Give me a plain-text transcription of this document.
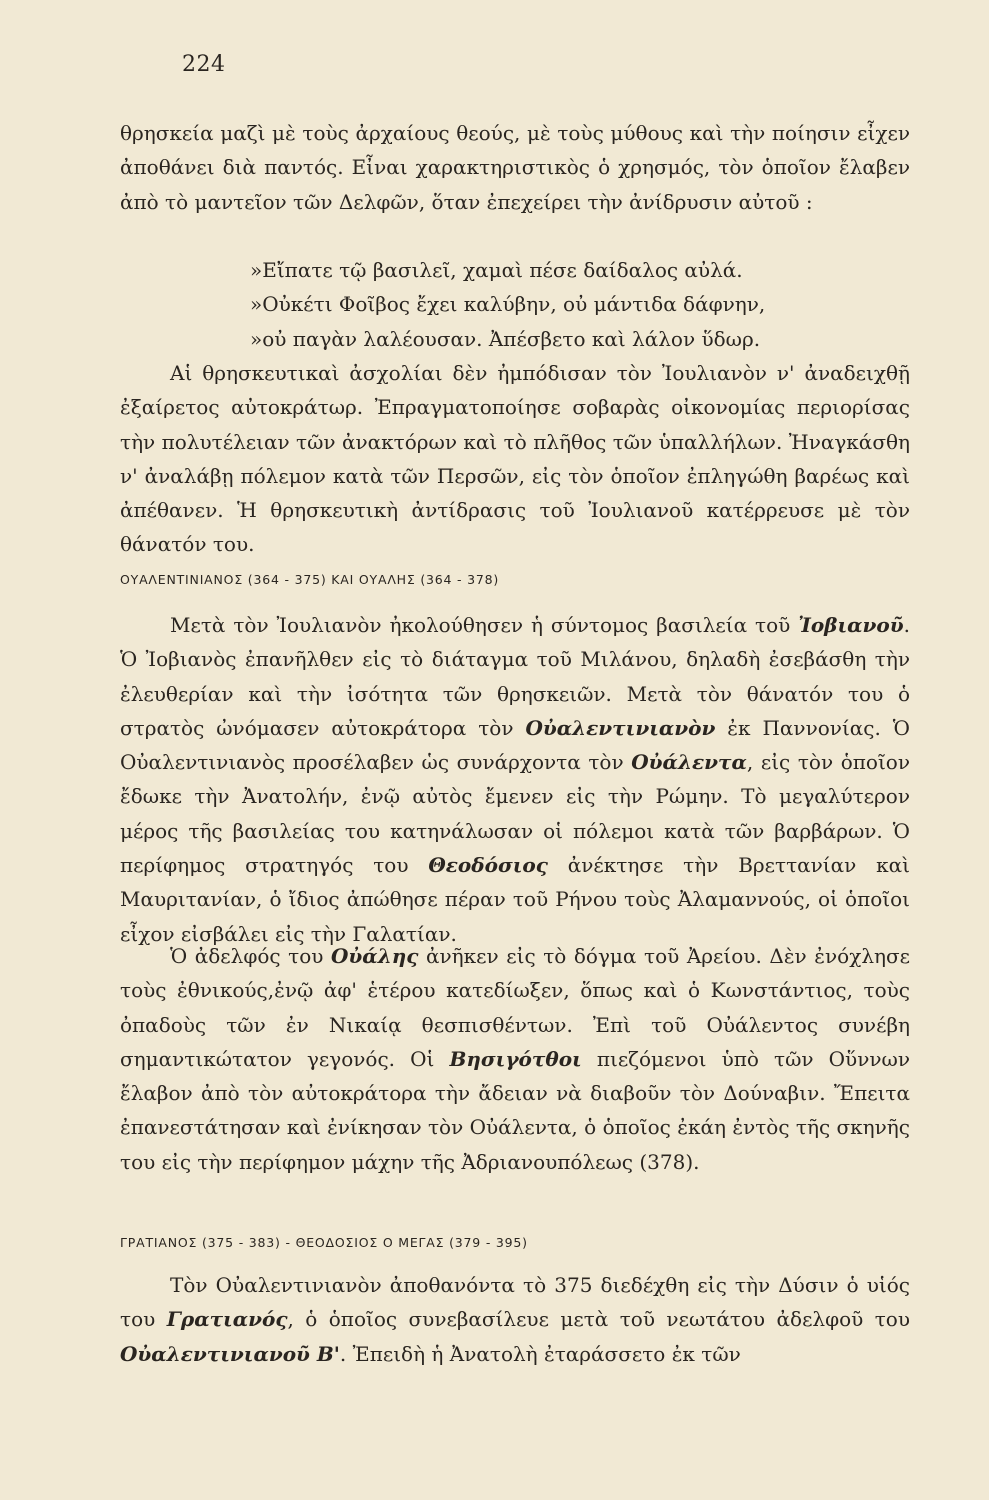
224

θρησκεία μαζὶ μὲ τοὺς ἀρχαίους θεούς, μὲ τοὺς μύθους καὶ τὴν ποίησιν εἶχεν ἀποθάνει διὰ παντός. Εἶναι χαρακτηριστικὸς ὁ χρησμός, τὸν ὁποῖον ἔλαβεν ἀπὸ τὸ μαντεῖον τῶν Δελφῶν, ὅταν ἐπεχείρει τὴν ἀνίδρυσιν αὐτοῦ :

»Εἴπατε τῷ βασιλεῖ, χαμαὶ πέσε δαίδαλος αὐλά.
»Οὐκέτι Φοῖβος ἔχει καλύβην, οὐ μάντιδα δάφνην,
»οὐ παγὰν λαλέουσαν. Ἀπέσβετο καὶ λάλον ὕδωρ.

Αἱ θρησκευτικαὶ ἀσχολίαι δὲν ἠμπόδισαν τὸν Ἰουλιανὸν ν' ἀναδειχθῇ ἐξαίρετος αὐτοκράτωρ. Ἐπραγματοποίησε σοβαρὰς οἰκονομίας περιορίσας τὴν πολυτέλειαν τῶν ἀνακτόρων καὶ τὸ πλῆθος τῶν ὑπαλλήλων. Ἠναγκάσθη ν' ἀναλάβῃ πόλεμον κατὰ τῶν Περσῶν, εἰς τὸν ὁποῖον ἐπληγώθη βαρέως καὶ ἀπέθανεν. Ἡ θρησκευτικὴ ἀντίδρασις τοῦ Ἰουλιανοῦ κατέρρευσε μὲ τὸν θάνατόν του.

ΟΥΑΛΕΝΤΙΝΙΑΝΟΣ (364 - 375) ΚΑΙ ΟΥΑΛΗΣ (364 - 378)

Μετὰ τὸν Ἰουλιανὸν ἠκολούθησεν ἡ σύντομος βασιλεία τοῦ Ἰοβιανοῦ. Ὁ Ἰοβιανὸς ἐπανῆλθεν εἰς τὸ διάταγμα τοῦ Μιλάνου, δηλαδὴ ἐσεβάσθη τὴν ἐλευθερίαν καὶ τὴν ἰσότητα τῶν θρησκειῶν. Μετὰ τὸν θάνατόν του ὁ στρατὸς ὠνόμασεν αὐτοκράτορα τὸν Οὐαλεντινιανὸν ἐκ Παννονίας. Ὁ Οὐαλεντινιανὸς προσέλαβεν ὡς συνάρχοντα τὸν Οὐάλεντα, εἰς τὸν ὁποῖον ἔδωκε τὴν Ἀνατολήν, ἐνῷ αὐτὸς ἔμενεν εἰς τὴν Ρώμην. Τὸ μεγαλύτερον μέρος τῆς βασιλείας του κατηνάλωσαν οἱ πόλεμοι κατὰ τῶν βαρβάρων. Ὁ περίφημος στρατηγός του Θεοδόσιος ἀνέκτησε τὴν Βρεττανίαν καὶ Μαυριτανίαν, ὁ ἴδιος ἀπώθησε πέραν τοῦ Ρήνου τοὺς Ἀλαμαννούς, οἱ ὁποῖοι εἶχον εἰσβάλει εἰς τὴν Γαλατίαν.

Ὁ ἀδελφός του Οὐάλης ἀνῆκεν εἰς τὸ δόγμα τοῦ Ἀρείου. Δὲν ἐνόχλησε τοὺς ἐθνικούς,ἐνῷ ἀφ' ἑτέρου κατεδίωξεν, ὅπως καὶ ὁ Κωνστάντιος, τοὺς ὀπαδοὺς τῶν ἐν Νικαίᾳ θεσπισθέντων. Ἐπὶ τοῦ Οὐάλεντος συνέβη σημαντικώτατον γεγονός. Οἱ Βησιγότθοι πιεζόμενοι ὑπὸ τῶν Οὕννων ἔλαβον ἀπὸ τὸν αὐτοκράτορα τὴν ἄδειαν νὰ διαβοῦν τὸν Δούναβιν. Ἔπειτα ἐπανεστάτησαν καὶ ἐνίκησαν τὸν Οὐάλεντα, ὁ ὁποῖος ἐκάη ἐντὸς τῆς σκηνῆς του εἰς τὴν περίφημον μάχην τῆς Ἀδριανουπόλεως (378).

ΓΡΑΤΙΑΝΟΣ (375 - 383) - ΘΕΟΔΟΣΙΟΣ Ο ΜΕΓΑΣ (379 - 395)

Τὸν Οὐαλεντινιανὸν ἀποθανόντα τὸ 375 διεδέχθη εἰς τὴν Δύσιν ὁ υἱός του Γρατιανός, ὁ ὁποῖος συνεβασίλευε μετὰ τοῦ νεωτάτου ἀδελφοῦ του Οὐαλεντινιανοῦ Β'. Ἐπειδὴ ἡ Ἀνατολὴ ἐταράσσετο ἐκ τῶν
